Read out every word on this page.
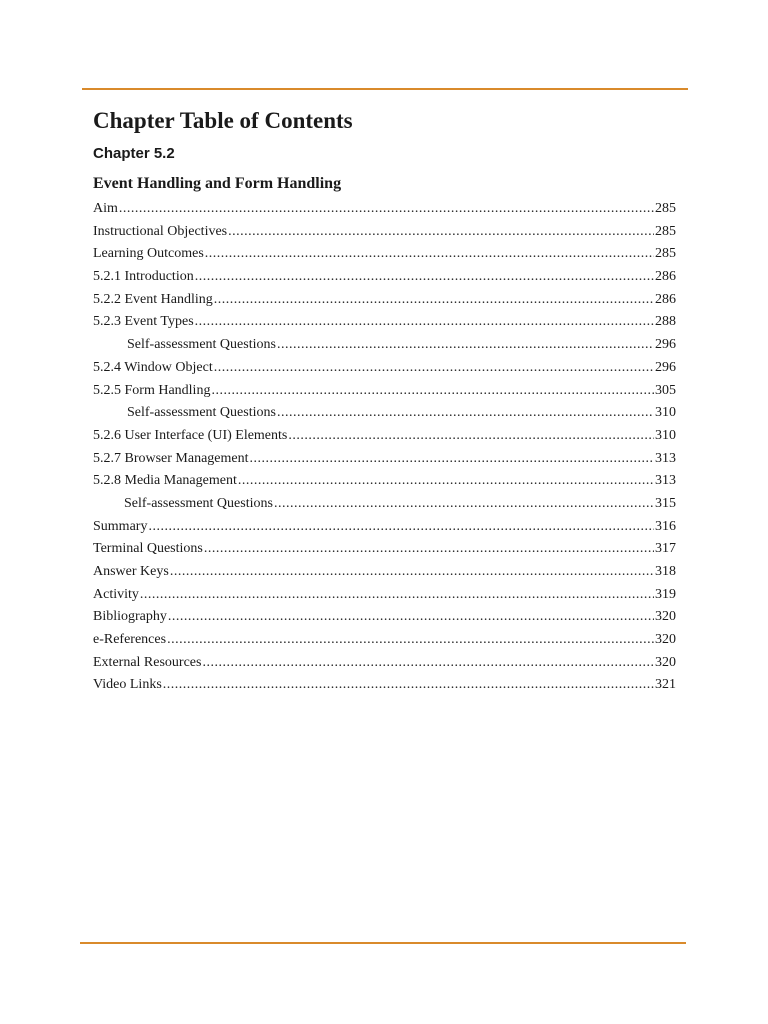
Chapter Table of Contents
Chapter 5.2
Event Handling and Form Handling
Aim .....	285
Instructional Objectives .....	285
Learning Outcomes .....	285
5.2.1 Introduction .....	286
5.2.2 Event Handling .....	286
5.2.3 Event Types .....	288
Self-assessment Questions .....	296
5.2.4 Window Object .....	296
5.2.5 Form Handling .....	305
Self-assessment Questions .....	310
5.2.6 User Interface (UI) Elements .....	310
5.2.7 Browser Management .....	313
5.2.8 Media Management .....	313
Self-assessment Questions .....	315
Summary .....	316
Terminal Questions .....	317
Answer Keys .....	318
Activity .....	319
Bibliography .....	320
e-References .....	320
External Resources .....	320
Video Links .....	321
